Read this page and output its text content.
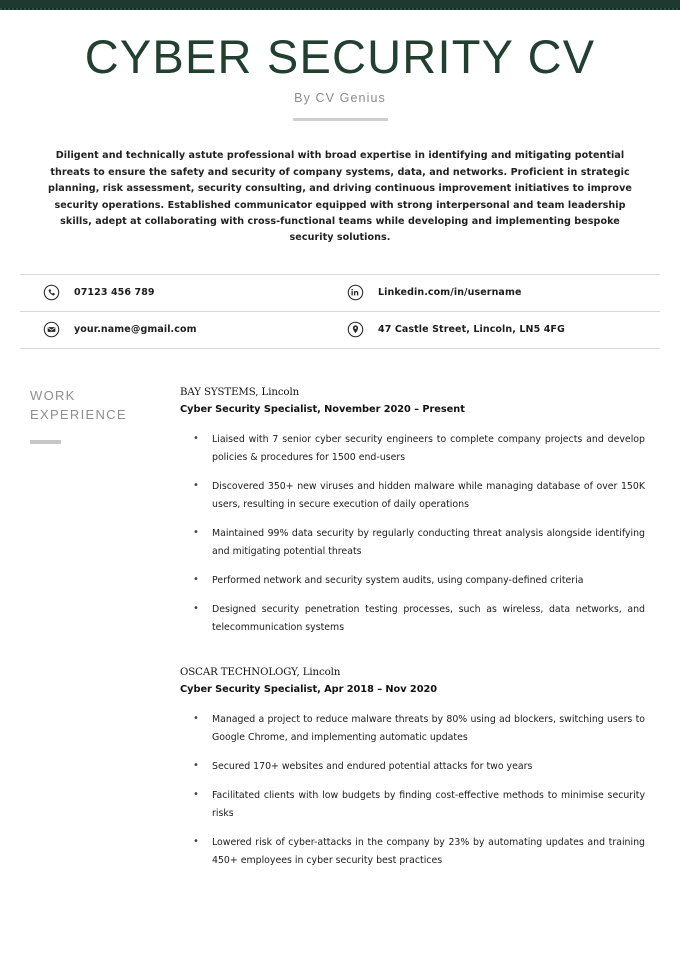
CYBER SECURITY CV
By CV Genius
Diligent and technically astute professional with broad expertise in identifying and mitigating potential threats to ensure the safety and security of company systems, data, and networks. Proficient in strategic planning, risk assessment, security consulting, and driving continuous improvement initiatives to improve security operations. Established communicator equipped with strong interpersonal and team leadership skills, adept at collaborating with cross-functional teams while developing and implementing bespoke security solutions.
07123 456 789	Linkedin.com/in/username
your.name@gmail.com	47 Castle Street, Lincoln, LN5 4FG
WORK
EXPERIENCE
BAY SYSTEMS, Lincoln
Cyber Security Specialist, November 2020 – Present
• Liaised with 7 senior cyber security engineers to complete company projects and develop policies & procedures for 1500 end-users
• Discovered 350+ new viruses and hidden malware while managing database of over 150K users, resulting in secure execution of daily operations
• Maintained 99% data security by regularly conducting threat analysis alongside identifying and mitigating potential threats
• Performed network and security system audits, using company-defined criteria
• Designed security penetration testing processes, such as wireless, data networks, and telecommunication systems
OSCAR TECHNOLOGY, Lincoln
Cyber Security Specialist, Apr 2018 – Nov 2020
• Managed a project to reduce malware threats by 80% using ad blockers, switching users to Google Chrome, and implementing automatic updates
• Secured 170+ websites and endured potential attacks for two years
• Facilitated clients with low budgets by finding cost-effective methods to minimise security risks
• Lowered risk of cyber-attacks in the company by 23% by automating updates and training 450+ employees in cyber security best practices
